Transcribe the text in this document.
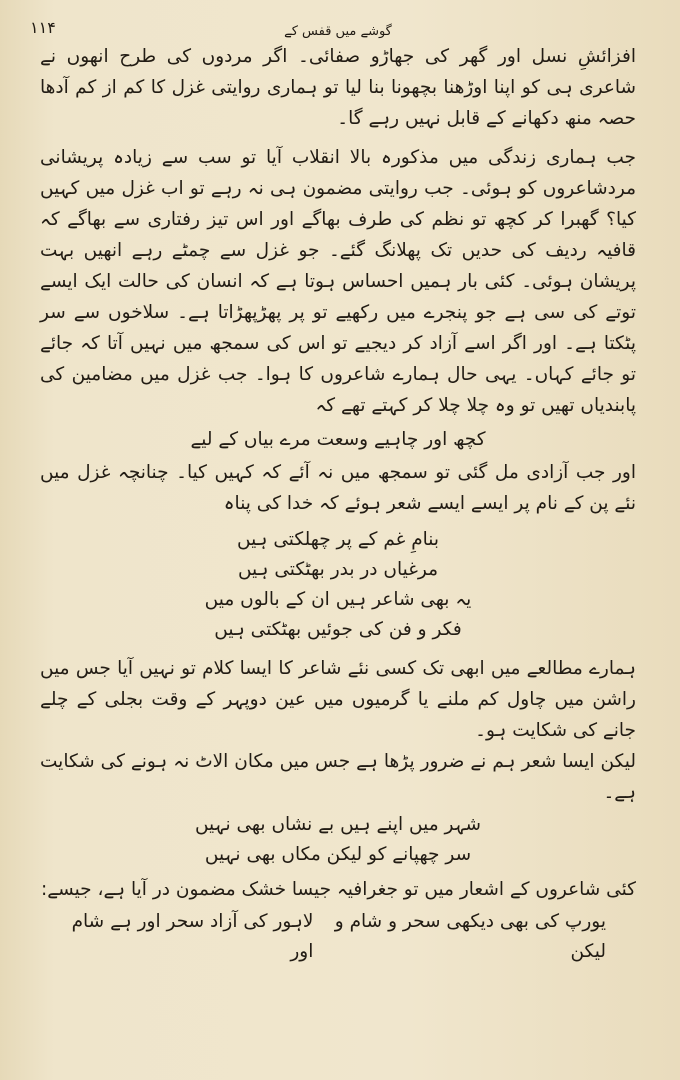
۱۱۴	گوشے میں قفس کے

افزائشِ نسل اور گھر کی جھاڑو صفائی۔ اگر مردوں کی طرح انھوں نے شاعری ہی کو اپنا اوڑھنا بچھونا بنا لیا تو ہماری روایتی غزل کا کم از کم آدھا حصہ منھ دکھانے کے قابل نہیں رہے گا۔

جب ہماری زندگی میں مذکورہ بالا انقلاب آیا تو سب سے زیادہ پریشانی مردشاعروں کو ہوئی۔ جب روایتی مضمون ہی نہ رہے تو اب غزل میں کہیں کیا؟ گھبرا کر کچھ تو نظم کی طرف بھاگے اور اس تیز رفتاری سے بھاگے کہ قافیہ ردیف کی حدیں تک پھلانگ گئے۔ جو غزل سے چمٹے رہے انھیں بہت پریشان ہوئی۔ کئی بار ہمیں احساس ہوتا ہے کہ انسان کی حالت ایک ایسے توتے کی سی ہے جو پنجرے میں رکھیے تو پر پھڑپھڑاتا ہے۔ سلاخوں سے سر پٹکتا ہے۔ اور اگر اسے آزاد کر دیجیے تو اس کی سمجھ میں نہیں آتا کہ جائے تو جائے کہاں۔ یہی حال ہمارے شاعروں کا ہوا۔ جب غزل میں مضامین کی پابندیاں تھیں تو وہ چلا چلا کر کہتے تھے کہ

کچھ اور چاہیے وسعت مرے بیاں کے لیے

اور جب آزادی مل گئی تو سمجھ میں نہ آئے کہ کہیں کیا۔ چنانچہ غزل میں نئے پن کے نام پر ایسے ایسے شعر ہوئے کہ خدا کی پناہ

بنامِ غم کے پر چھلکتی ہیں

مرغیاں در بدر بھٹکتی ہیں

یہ بھی شاعر ہیں ان کے بالوں میں

فکر و فن کی جوئیں بھٹکتی ہیں

ہمارے مطالعے میں ابھی تک کسی نئے شاعر کا ایسا کلام تو نہیں آیا جس میں راشن میں چاول کم ملنے یا گرمیوں میں عین دوپہر کے وقت بجلی کے چلے جانے کی شکایت ہو۔

لیکن ایسا شعر ہم نے ضرور پڑھا ہے جس میں مکان الاٹ نہ ہونے کی شکایت ہے۔

شہر میں اپنے ہیں بے نشاں بھی نہیں

سر چھپانے کو لیکن مکاں بھی نہیں

کئی شاعروں کے اشعار میں تو جغرافیہ جیسا خشک مضمون در آیا ہے، جیسے:

یورپ کی بھی دیکھی سحر و شام و لیکن
لاہور کی آزاد سحر اور ہے شام اور
